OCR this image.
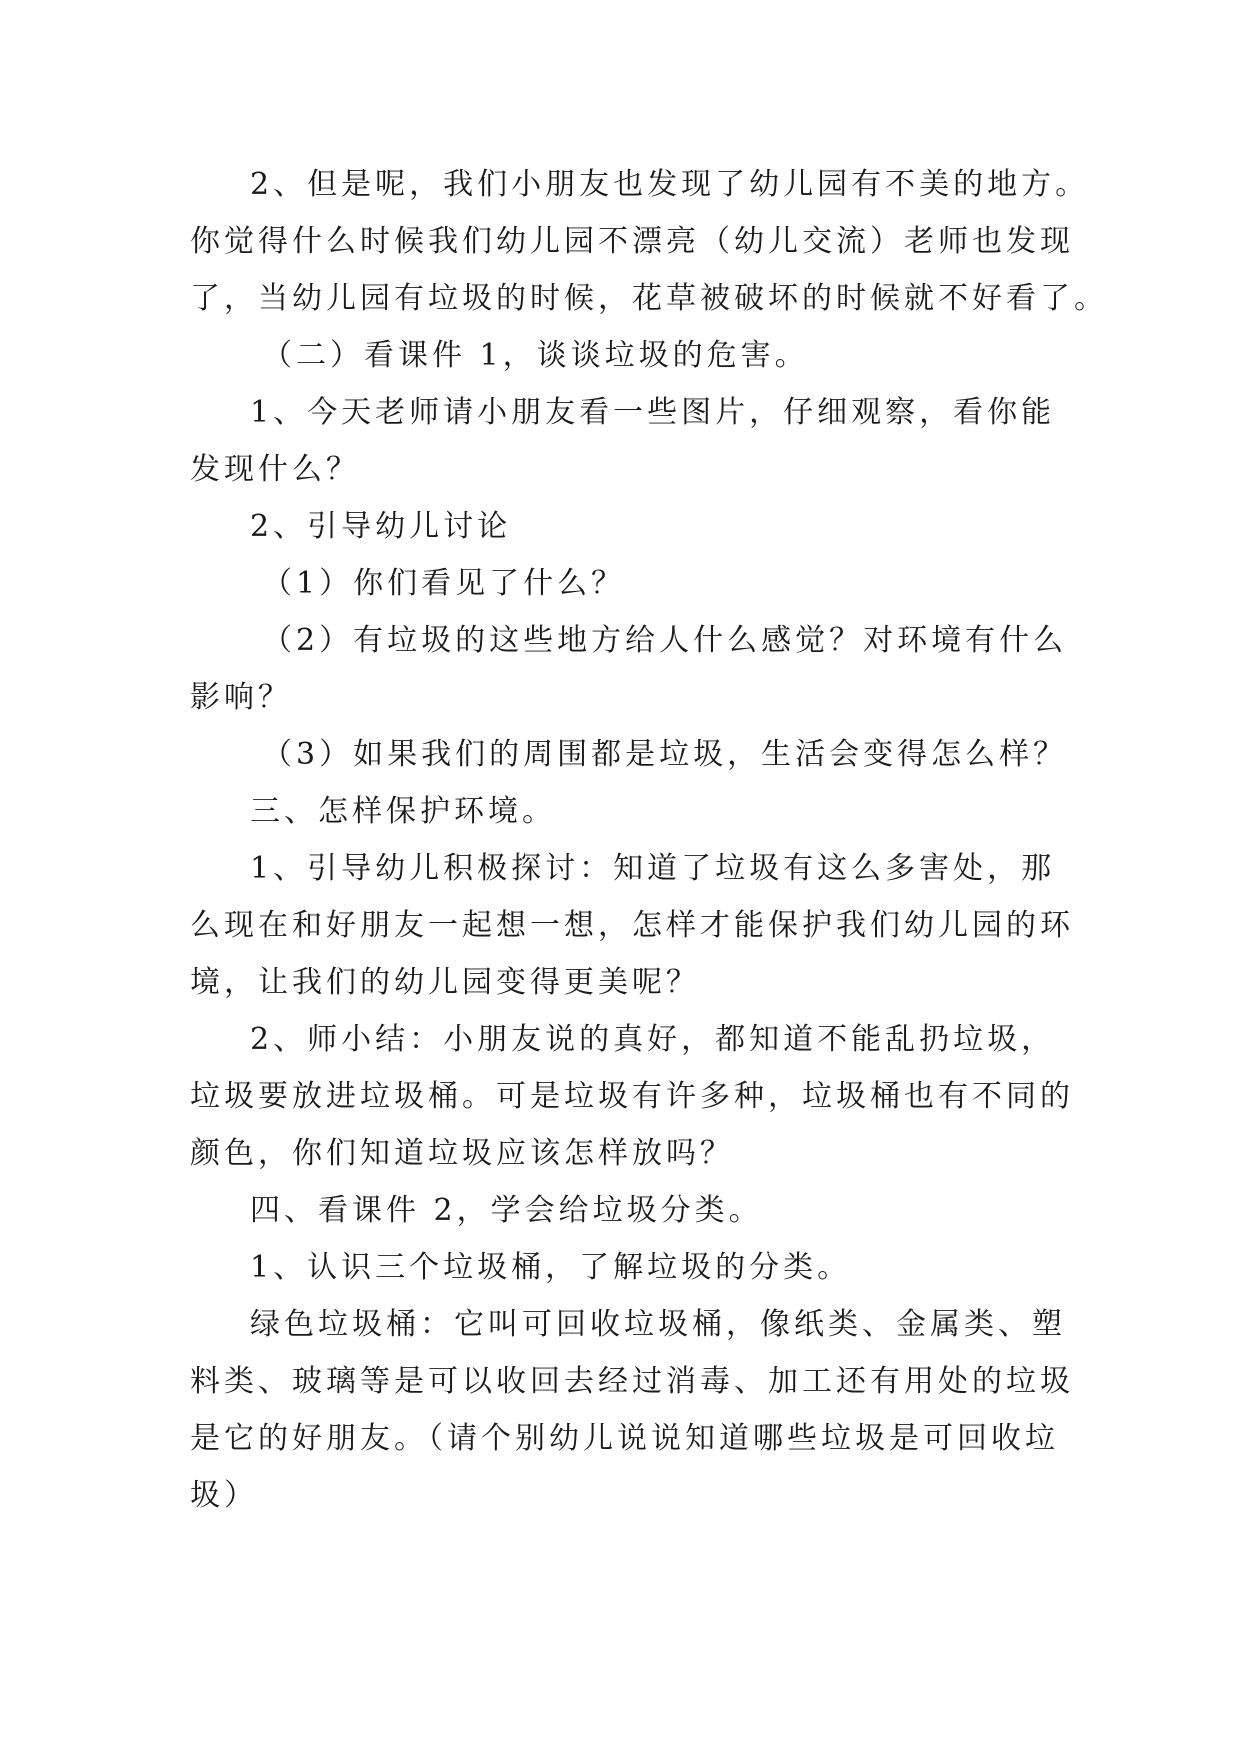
2、但是呢，我们小朋友也发现了幼儿园有不美的地方。
你觉得什么时候我们幼儿园不漂亮（幼儿交流）老师也发现
了，当幼儿园有垃圾的时候，花草被破坏的时候就不好看了。
（二）看课件 1，谈谈垃圾的危害。
1、今天老师请小朋友看一些图片，仔细观察，看你能
发现什么？
2、引导幼儿讨论
（1）你们看见了什么？
（2）有垃圾的这些地方给人什么感觉？对环境有什么
影响？
（3）如果我们的周围都是垃圾，生活会变得怎么样？
三、怎样保护环境。
1、引导幼儿积极探讨：知道了垃圾有这么多害处，那
么现在和好朋友一起想一想，怎样才能保护我们幼儿园的环
境，让我们的幼儿园变得更美呢？
2、师小结：小朋友说的真好，都知道不能乱扔垃圾，
垃圾要放进垃圾桶。可是垃圾有许多种，垃圾桶也有不同的
颜色，你们知道垃圾应该怎样放吗？
四、看课件 2，学会给垃圾分类。
1、认识三个垃圾桶，了解垃圾的分类。
绿色垃圾桶：它叫可回收垃圾桶，像纸类、金属类、塑
料类、玻璃等是可以收回去经过消毒、加工还有用处的垃圾
是它的好朋友。（请个别幼儿说说知道哪些垃圾是可回收垃
圾）
